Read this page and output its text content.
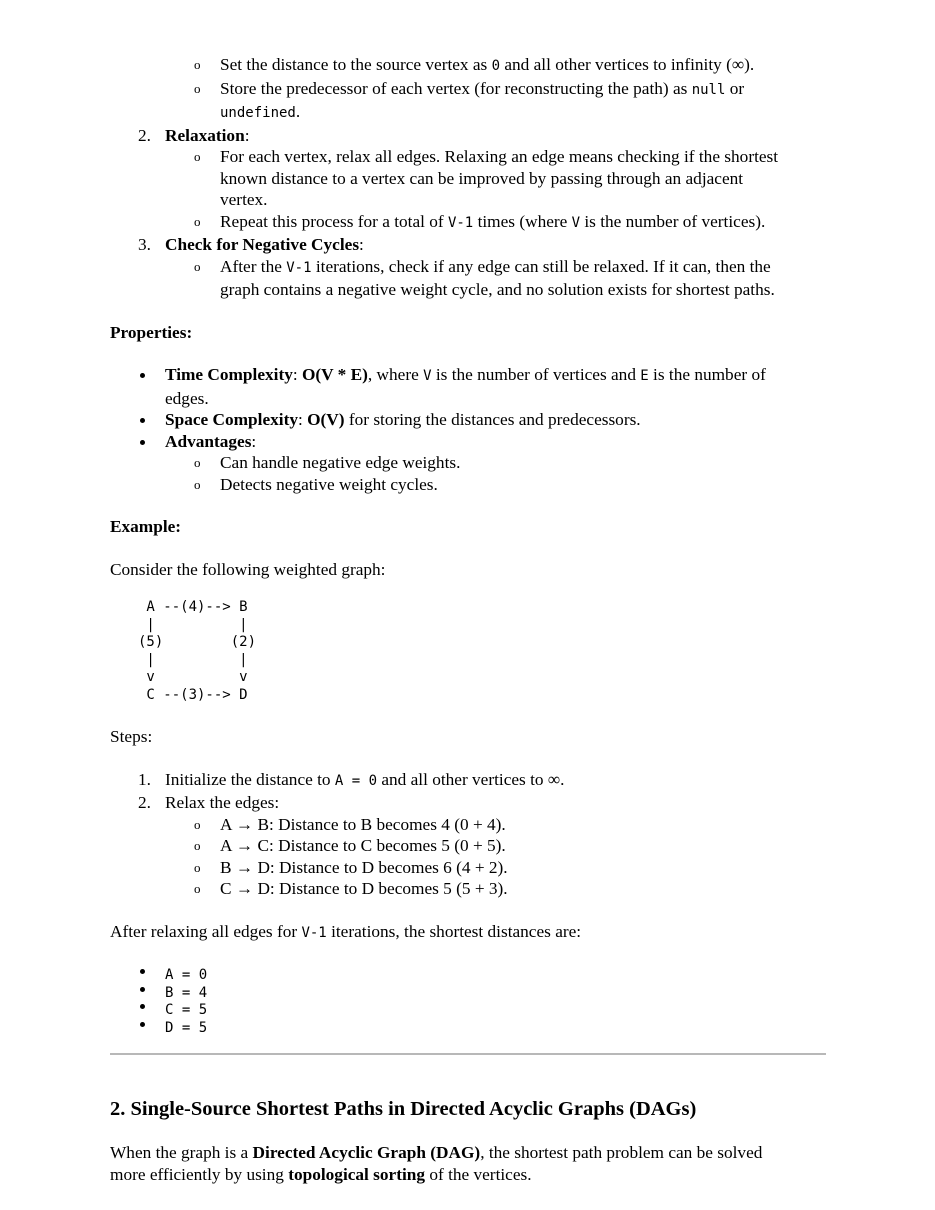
o Set the distance to the source vertex as 0 and all other vertices to infinity (∞).
o Store the predecessor of each vertex (for reconstructing the path) as null or
undefined.
2. Relaxation:
o For each vertex, relax all edges. Relaxing an edge means checking if the shortest
known distance to a vertex can be improved by passing through an adjacent
vertex.
o Repeat this process for a total of V-1 times (where V is the number of vertices).
3. Check for Negative Cycles:
o After the V-1 iterations, check if any edge can still be relaxed. If it can, then the
graph contains a negative weight cycle, and no solution exists for shortest paths.

Properties:

Time Complexity: O(V * E), where V is the number of vertices and E is the number of
edges.
Space Complexity: O(V) for storing the distances and predecessors.
Advantages:
o Can handle negative edge weights.
o Detects negative weight cycles.

Example:

Consider the following weighted graph:

A --(4)--> B
|          |
(5)        (2)
|          |
v          v
C --(3)--> D

Steps:

1. Initialize the distance to A = 0 and all other vertices to ∞.
2. Relax the edges:
o A → B: Distance to B becomes 4 (0 + 4).
o A → C: Distance to C becomes 5 (0 + 5).
o B → D: Distance to D becomes 6 (4 + 2).
o C → D: Distance to D becomes 5 (5 + 3).

After relaxing all edges for V-1 iterations, the shortest distances are:

A = 0
B = 4
C = 5
D = 5
2. Single-Source Shortest Paths in Directed Acyclic Graphs (DAGs)

When the graph is a Directed Acyclic Graph (DAG), the shortest path problem can be solved
more efficiently by using topological sorting of the vertices.
